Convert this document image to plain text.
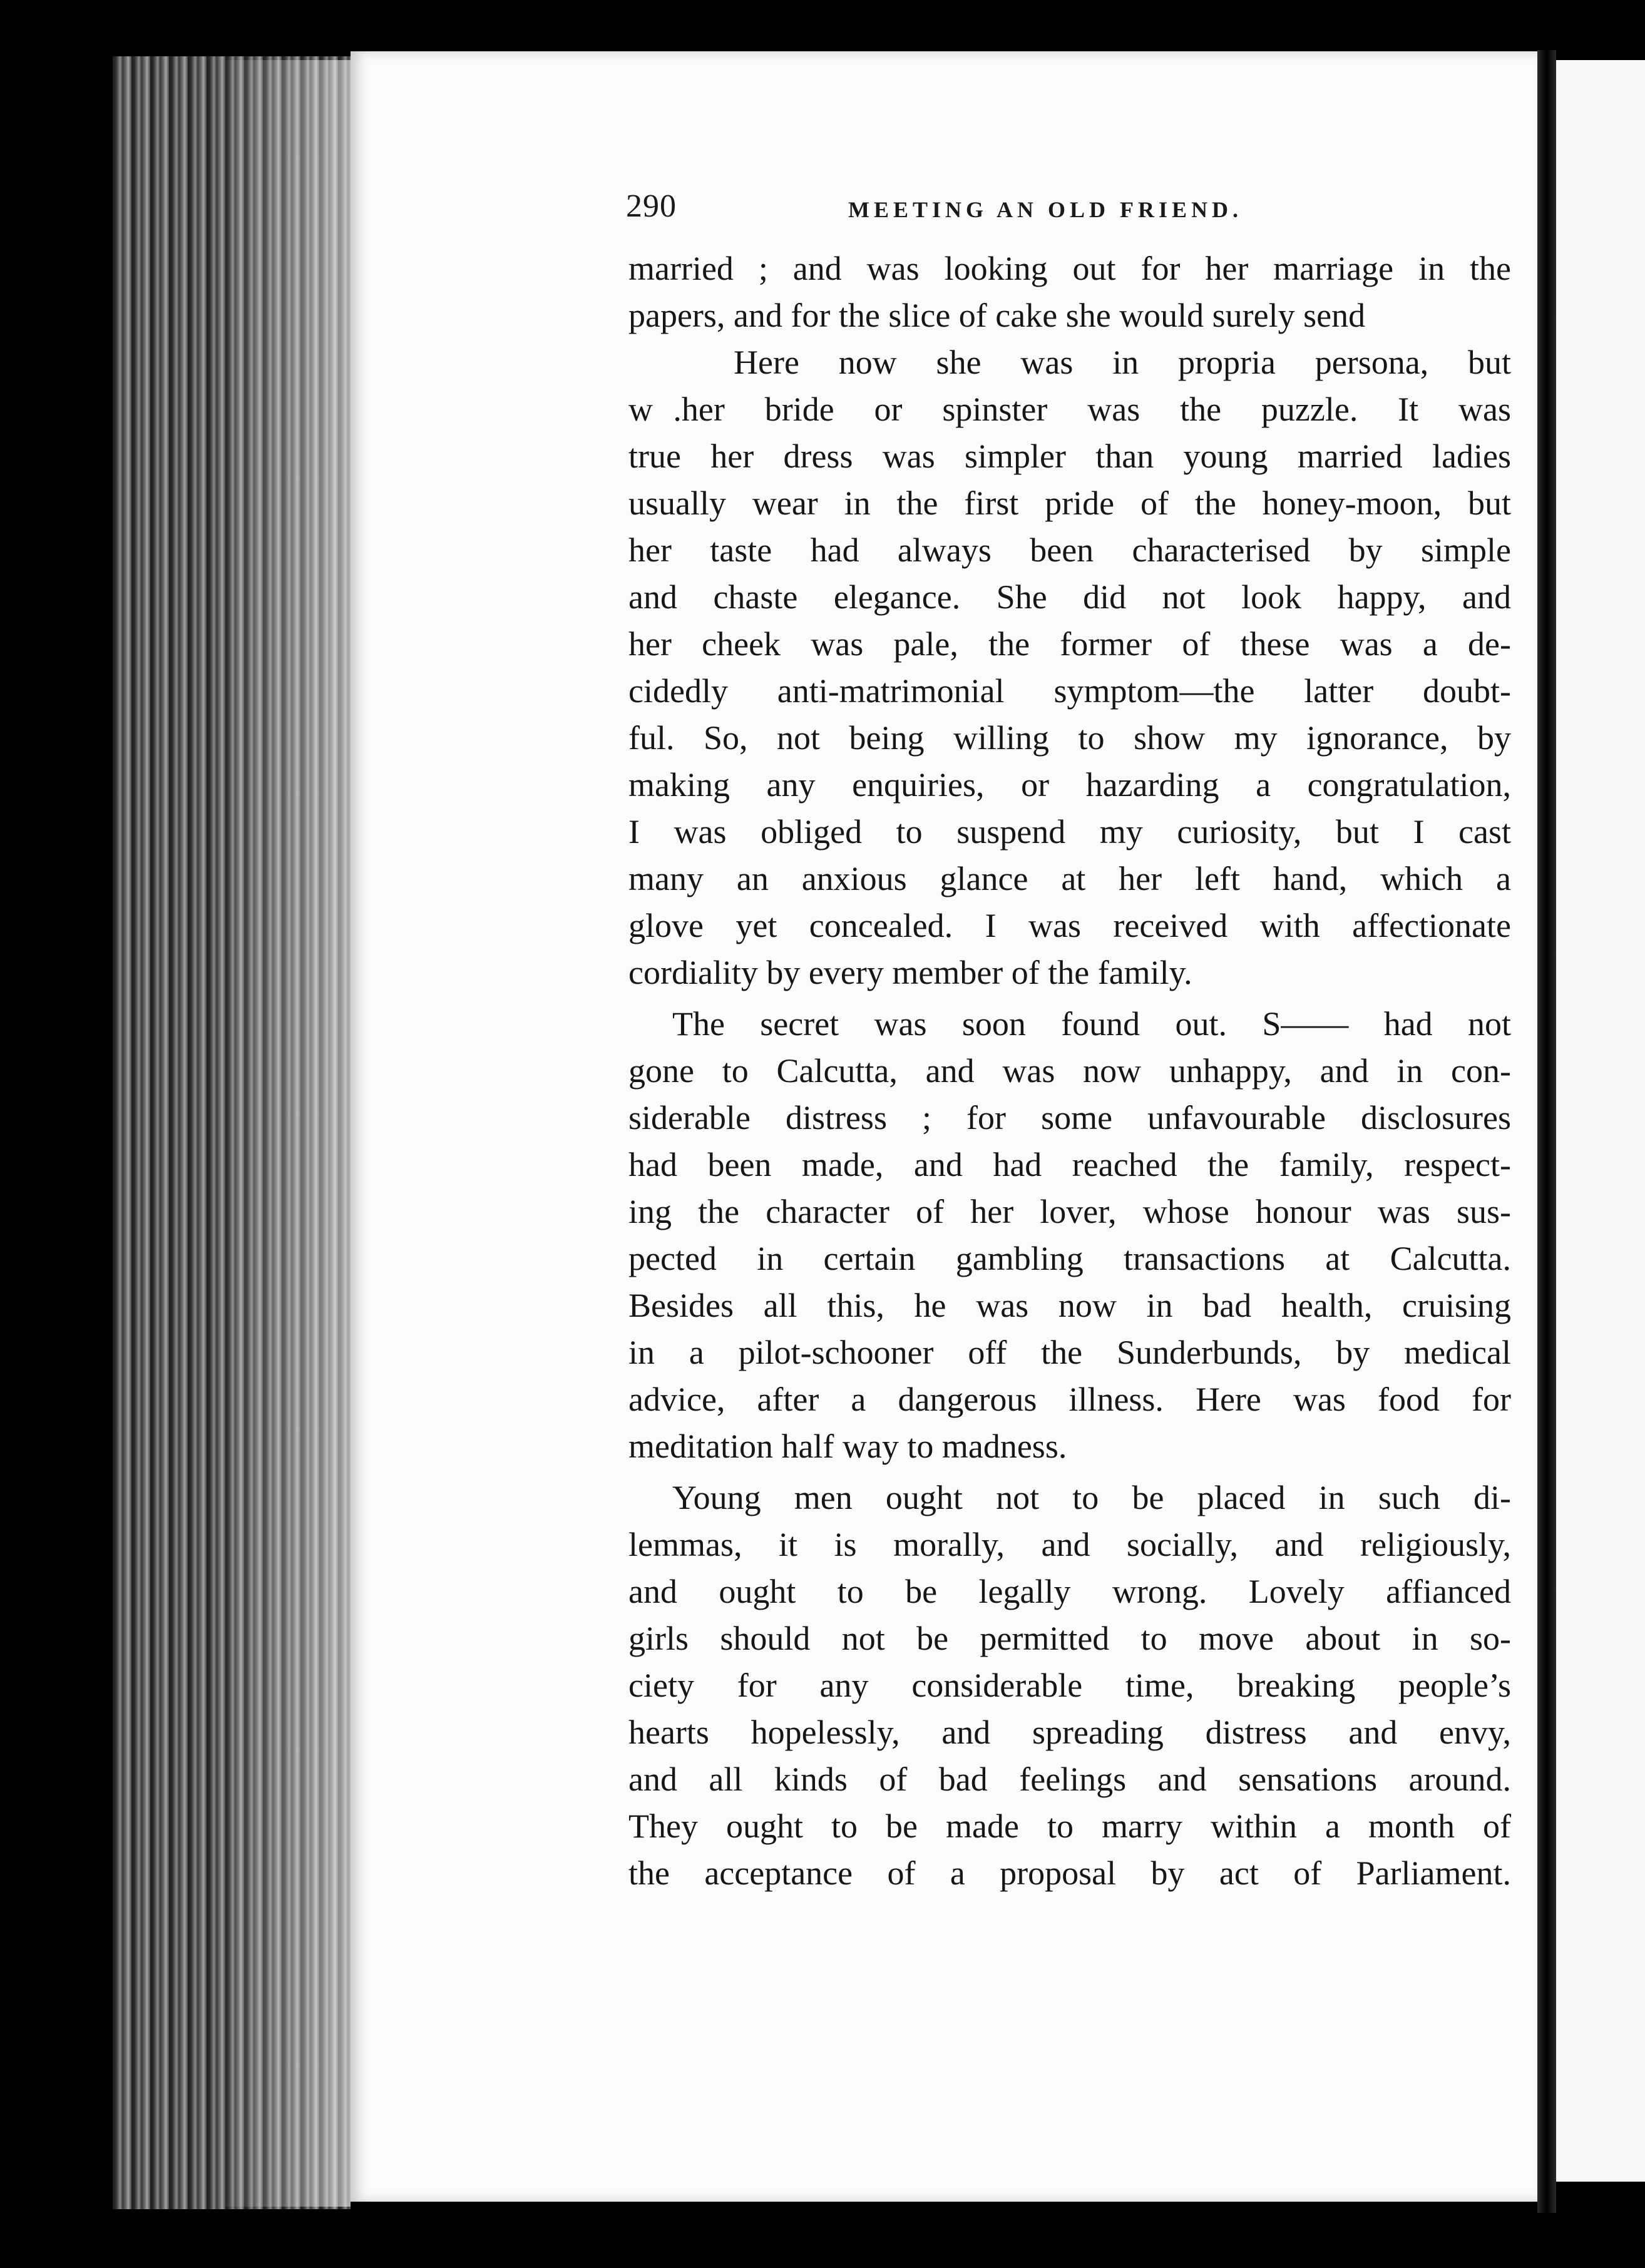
290	MEETING AN OLD FRIEND.
married ; and was looking out for her marriage in the
papers, and for the slice of cake she would surely send
Here now she was in propria persona, but
w   .her bride or spinster was the puzzle. It was
true her dress was simpler than young married ladies
usually wear in the first pride of the honey-moon, but
her taste had always been characterised by simple
and chaste elegance. She did not look happy, and
her cheek was pale, the former of these was a de-
cidedly anti-matrimonial symptom—the latter doubt-
ful. So, not being willing to show my ignorance, by
making any enquiries, or hazarding a congratulation,
I was obliged to suspend my curiosity, but I cast
many an anxious glance at her left hand, which a
glove yet concealed. I was received with affectionate
cordiality by every member of the family.
The secret was soon found out. S—— had not
gone to Calcutta, and was now unhappy, and in con-
siderable distress ; for some unfavourable disclosures
had been made, and had reached the family, respect-
ing the character of her lover, whose honour was sus-
pected in certain gambling transactions at Calcutta.
Besides all this, he was now in bad health, cruising
in a pilot-schooner off the Sunderbunds, by medical
advice, after a dangerous illness. Here was food for
meditation half way to madness.
Young men ought not to be placed in such di-
lemmas, it is morally, and socially, and religiously,
and ought to be legally wrong. Lovely affianced
girls should not be permitted to move about in so-
ciety for any considerable time, breaking people’s
hearts hopelessly, and spreading distress and envy,
and all kinds of bad feelings and sensations around.
They ought to be made to marry within a month of
the acceptance of a proposal by act of Parliament.
